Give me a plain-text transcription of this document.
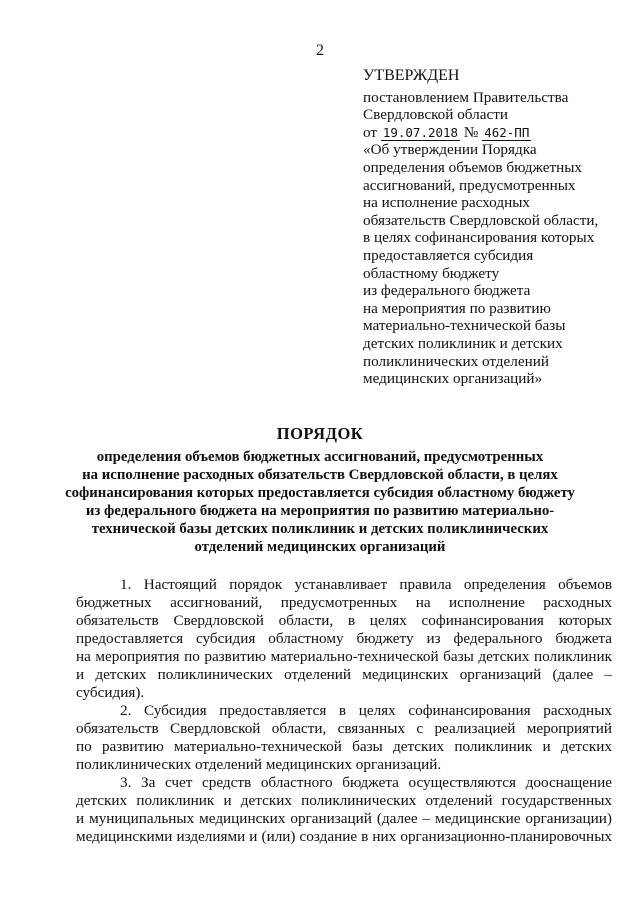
2
УТВЕРЖДЕН
постановлением Правительства
Свердловской области
от 19.07.2018 № 462-ПП
«Об утверждении Порядка
определения объемов бюджетных
ассигнований, предусмотренных
на исполнение расходных
обязательств Свердловской области,
в целях софинансирования которых
предоставляется субсидия
областному бюджету
из федерального бюджета
на мероприятия по развитию
материально-технической базы
детских поликлиник и детских
поликлинических отделений
медицинских организаций»
ПОРЯДОК
определения объемов бюджетных ассигнований, предусмотренных
на исполнение расходных обязательств Свердловской области, в целях
софинансирования которых предоставляется субсидия областному бюджету
из федерального бюджета на мероприятия по развитию материально-
технической базы детских поликлиник и детских поликлинических
отделений медицинских организаций
1. Настоящий порядок устанавливает правила определения объемов
бюджетных ассигнований, предусмотренных на исполнение расходных
обязательств Свердловской области, в целях софинансирования которых
предоставляется субсидия областному бюджету из федерального бюджета
на мероприятия по развитию материально-технической базы детских поликлиник
и детских поликлинических отделений медицинских организаций (далее –
субсидия).
2. Субсидия предоставляется в целях софинансирования расходных
обязательств Свердловской области, связанных с реализацией мероприятий
по развитию материально-технической базы детских поликлиник и детских
поликлинических отделений медицинских организаций.
3. За счет средств областного бюджета осуществляются дооснащение
детских поликлиник и детских поликлинических отделений государственных
и муниципальных медицинских организаций (далее – медицинские организации)
медицинскими изделиями и (или) создание в них организационно-планировочных
